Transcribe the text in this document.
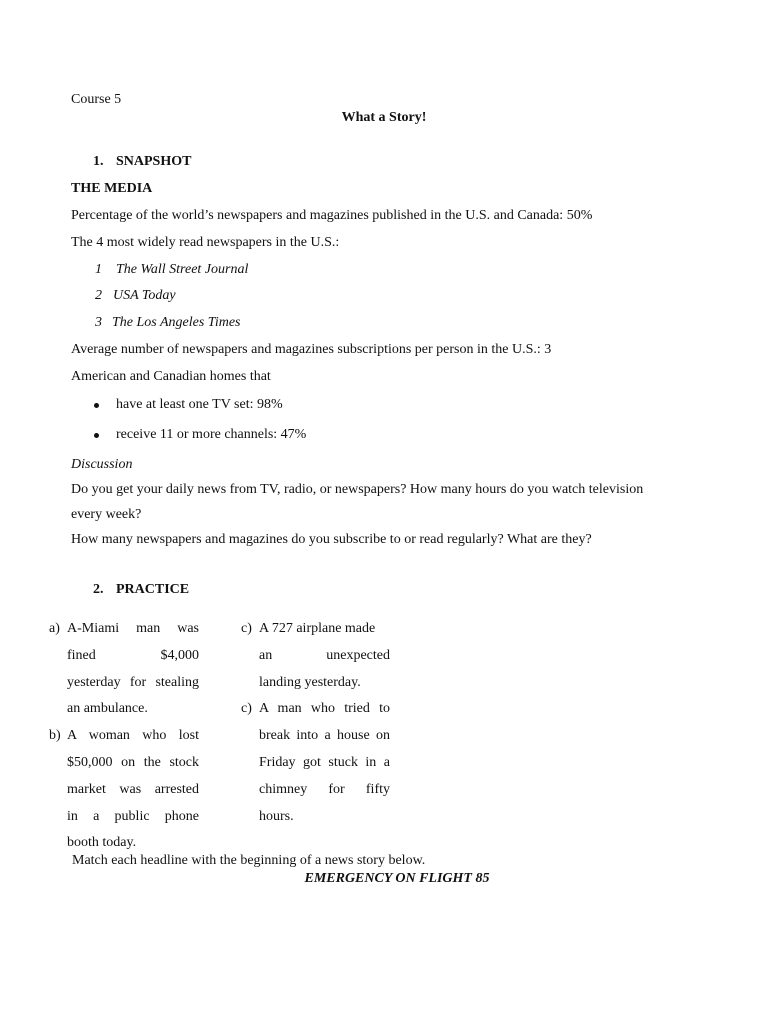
Course 5
What a Story!
1. SNAPSHOT
THE MEDIA
Percentage of the world’s newspapers and magazines published in the U.S. and Canada: 50%
The 4 most widely read newspapers in the U.S.:
1 The Wall Street Journal
2 USA Today
3 The Los Angeles Times
Average number of newspapers and magazines subscriptions per person in the U.S.: 3
American and Canadian homes that
have at least one TV set: 98%
receive 11 or more channels: 47%
Discussion
Do you get your daily news from TV, radio, or newspapers? How many hours do you watch television
every week?
How many newspapers and magazines do you subscribe to or read regularly? What are they?
2. PRACTICE

a) A-Miami man was
fined $4,000
yesterday for stealing
an ambulance.

b) A woman who lost
$50,000 on the stock
market was arrested
in a public phone
booth today.

c) A 727 airplane made
an unexpected
landing yesterday.

c) A man who tried to
break into a house on
Friday got stuck in a
chimney for fifty
hours.

Match each headline with the beginning of a news story below.
EMERGENCY ON FLIGHT 85
